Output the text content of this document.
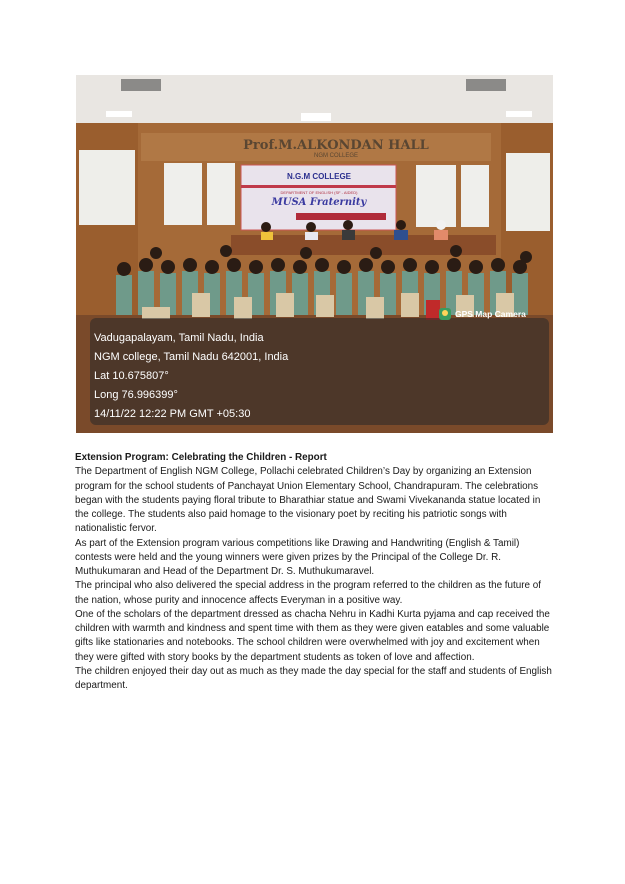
Prof.M.ALKONDAN HALL
NGM COLLEGE
N.G.M COLLEGE
DEPARTMENT OF ENGLISH (SF - AIDED)
MUSA Fraternity
GPS Map Camera
Vadugapalayam, Tamil Nadu, India
NGM college, Tamil Nadu 642001, India
Lat 10.675807°
Long 76.996399°
14/11/22 12:22 PM GMT +05:30

Extension Program: Celebrating the Children - Report

The Department of English NGM College, Pollachi celebrated Children’s Day by organizing an Extension program for the school students of Panchayat Union Elementary School, Chandrapuram. The celebrations began with the students paying floral tribute to Bharathiar statue and Swami Vivekananda statue located in the college. The students also paid homage to the visionary poet by reciting his patriotic songs with nationalistic fervor.

As part of the Extension program various competitions like Drawing and Handwriting (English & Tamil) contests were held and the young winners were given prizes by the Principal of the College Dr. R. Muthukumaran and Head of the Department Dr. S. Muthukumaravel.

The principal who also delivered the special address in the program referred to the children as the future of the nation, whose purity and innocence affects Everyman in a positive way.

One of the scholars of the department dressed as chacha Nehru in Kadhi Kurta pyjama and cap received the children with warmth and kindness and spent time with them as they were given eatables and some valuable gifts like stationaries and notebooks. The school children were overwhelmed with joy and excitement when they were gifted with story books by the department students as token of love and affection.

The children enjoyed their day out as much as they made the day special for the staff and students of English department.
